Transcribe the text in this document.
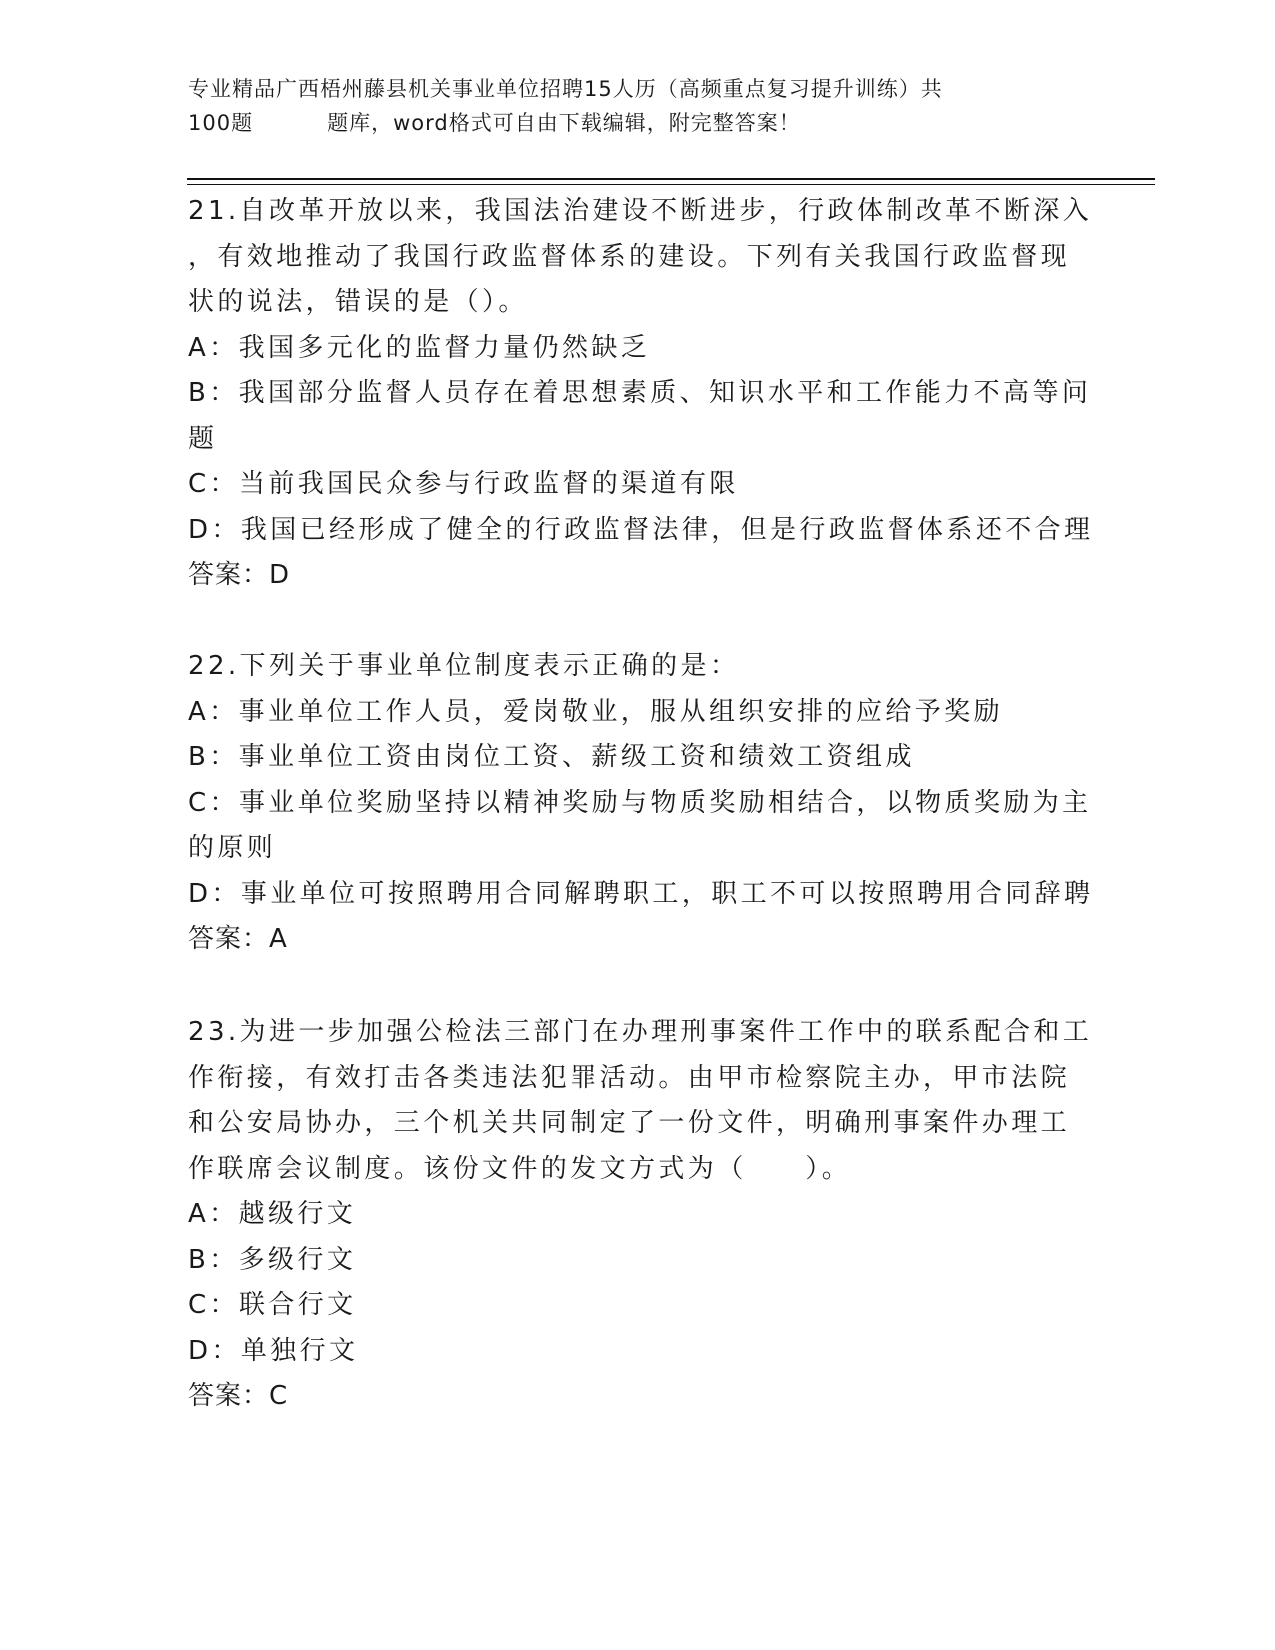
专业精品广西梧州藤县机关事业单位招聘15人历（高频重点复习提升训练）共
100题	题库，word格式可自由下载编辑，附完整答案！
21.自改革开放以来，我国法治建设不断进步，行政体制改革不断深入
，有效地推动了我国行政监督体系的建设。下列有关我国行政监督现
状的说法，错误的是（）。
A：我国多元化的监督力量仍然缺乏
B：我国部分监督人员存在着思想素质、知识水平和工作能力不高等问
题
C：当前我国民众参与行政监督的渠道有限
D：我国已经形成了健全的行政监督法律，但是行政监督体系还不合理
答案：D
22.下列关于事业单位制度表示正确的是：
A：事业单位工作人员，爱岗敬业，服从组织安排的应给予奖励
B：事业单位工资由岗位工资、薪级工资和绩效工资组成
C：事业单位奖励坚持以精神奖励与物质奖励相结合，以物质奖励为主
的原则
D：事业单位可按照聘用合同解聘职工，职工不可以按照聘用合同辞聘
答案：A
23.为进一步加强公检法三部门在办理刑事案件工作中的联系配合和工
作衔接，有效打击各类违法犯罪活动。由甲市检察院主办，甲市法院
和公安局协办，三个机关共同制定了一份文件，明确刑事案件办理工
作联席会议制度。该份文件的发文方式为（　　）。
A：越级行文
B：多级行文
C：联合行文
D：单独行文
答案：C
